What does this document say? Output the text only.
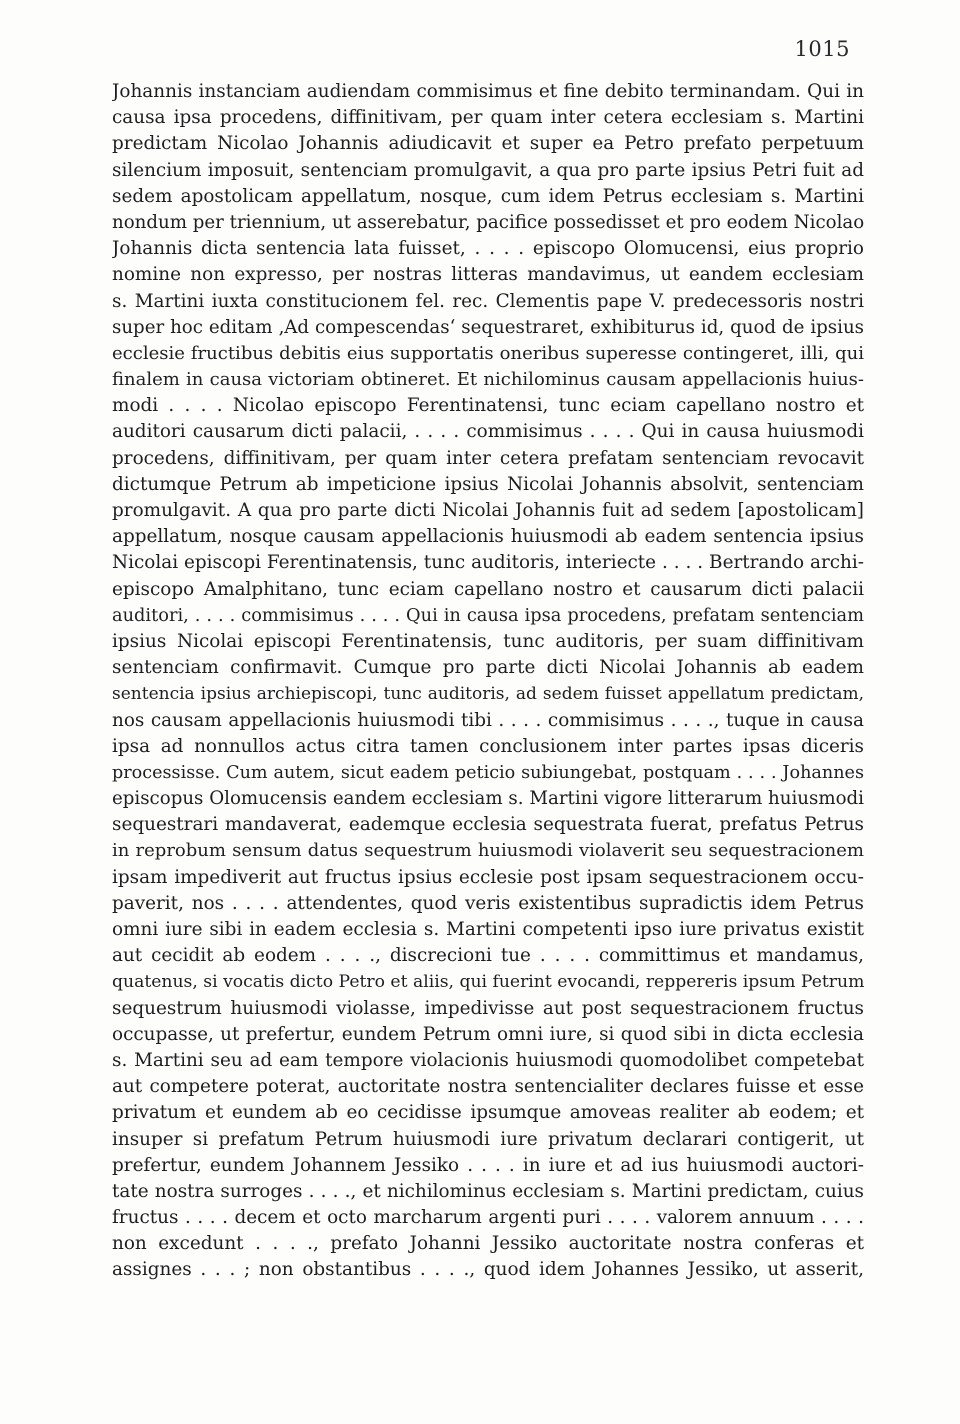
1015
Johannis instanciam audiendam commisimus et fine debito terminandam. Qui in
causa ipsa procedens, diffinitivam, per quam inter cetera ecclesiam s. Martini
predictam Nicolao Johannis adiudicavit et super ea Petro prefato perpetuum
silencium imposuit, sentenciam promulgavit, a qua pro parte ipsius Petri fuit ad
sedem apostolicam appellatum, nosque, cum idem Petrus ecclesiam s. Martini
nondum per triennium, ut asserebatur, pacifice possedisset et pro eodem Nicolao
Johannis dicta sentencia lata fuisset, . . . . episcopo Olomucensi, eius proprio
nomine non expresso, per nostras litteras mandavimus, ut eandem ecclesiam
s. Martini iuxta constitucionem fel. rec. Clementis pape V. predecessoris nostri
super hoc editam ‚Ad compescendas‘ sequestraret, exhibiturus id, quod de ipsius
ecclesie fructibus debitis eius supportatis oneribus superesse contingeret, illi, qui
finalem in causa victoriam obtineret. Et nichilominus causam appellacionis huius-
modi . . . . Nicolao episcopo Ferentinatensi, tunc eciam capellano nostro et
auditori causarum dicti palacii, . . . . commisimus . . . . Qui in causa huiusmodi
procedens, diffinitivam, per quam inter cetera prefatam sentenciam revocavit
dictumque Petrum ab impeticione ipsius Nicolai Johannis absolvit, sentenciam
promulgavit. A qua pro parte dicti Nicolai Johannis fuit ad sedem [apostolicam]
appellatum, nosque causam appellacionis huiusmodi ab eadem sentencia ipsius
Nicolai episcopi Ferentinatensis, tunc auditoris, interiecte . . . . Bertrando archi-
episcopo Amalphitano, tunc eciam capellano nostro et causarum dicti palacii
auditori, . . . . commisimus . . . . Qui in causa ipsa procedens, prefatam sentenciam
ipsius Nicolai episcopi Ferentinatensis, tunc auditoris, per suam diffinitivam
sentenciam confirmavit. Cumque pro parte dicti Nicolai Johannis ab eadem
sentencia ipsius archiepiscopi, tunc auditoris, ad sedem fuisset appellatum predictam,
nos causam appellacionis huiusmodi tibi . . . . commisimus . . . ., tuque in causa
ipsa ad nonnullos actus citra tamen conclusionem inter partes ipsas diceris
processisse. Cum autem, sicut eadem peticio subiungebat, postquam . . . . Johannes
episcopus Olomucensis eandem ecclesiam s. Martini vigore litterarum huiusmodi
sequestrari mandaverat, eademque ecclesia sequestrata fuerat, prefatus Petrus
in reprobum sensum datus sequestrum huiusmodi violaverit seu sequestracionem
ipsam impediverit aut fructus ipsius ecclesie post ipsam sequestracionem occu-
paverit, nos . . . . attendentes, quod veris existentibus supradictis idem Petrus
omni iure sibi in eadem ecclesia s. Martini competenti ipso iure privatus existit
aut cecidit ab eodem . . . ., discrecioni tue . . . . committimus et mandamus,
quatenus, si vocatis dicto Petro et aliis, qui fuerint evocandi, reppereris ipsum Petrum
sequestrum huiusmodi violasse, impedivisse aut post sequestracionem fructus
occupasse, ut prefertur, eundem Petrum omni iure, si quod sibi in dicta ecclesia
s. Martini seu ad eam tempore violacionis huiusmodi quomodolibet competebat
aut competere poterat, auctoritate nostra sentencialiter declares fuisse et esse
privatum et eundem ab eo cecidisse ipsumque amoveas realiter ab eodem; et
insuper si prefatum Petrum huiusmodi iure privatum declarari contigerit, ut
prefertur, eundem Johannem Jessiko . . . . in iure et ad ius huiusmodi auctori-
tate nostra surroges . . . ., et nichilominus ecclesiam s. Martini predictam, cuius
fructus . . . . decem et octo marcharum argenti puri . . . . valorem annuum . . . .
non excedunt . . . ., prefato Johanni Jessiko auctoritate nostra conferas et
assignes . . . ; non obstantibus . . . ., quod idem Johannes Jessiko, ut asserit,
